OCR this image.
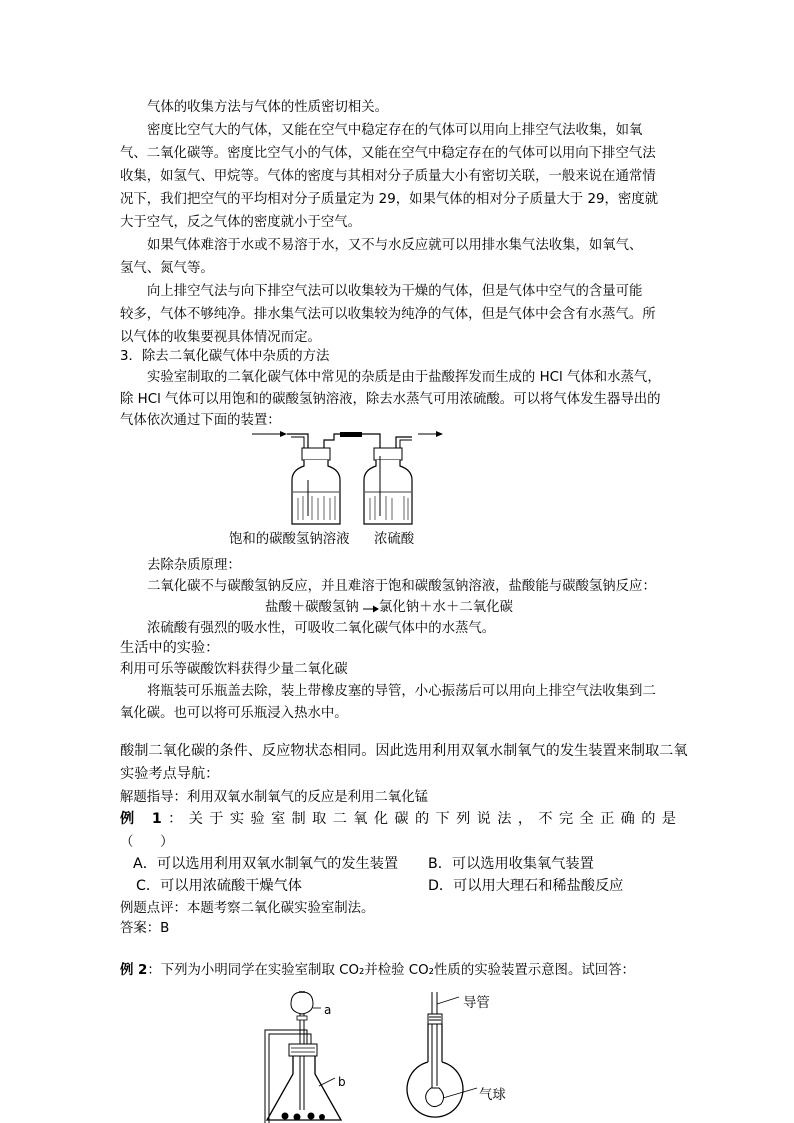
气体的收集方法与气体的性质密切相关。
密度比空气大的气体，又能在空气中稳定存在的气体可以用向上排空气法收集，如氧
气、二氧化碳等。密度比空气小的气体，又能在空气中稳定存在的气体可以用向下排空气法
收集，如氢气、甲烷等。气体的密度与其相对分子质量大小有密切关联，一般来说在通常情
况下，我们把空气的平均相对分子质量定为 29，如果气体的相对分子质量大于 29，密度就
大于空气，反之气体的密度就小于空气。
如果气体难溶于水或不易溶于水，又不与水反应就可以用排水集气法收集，如氧气、
氢气、氮气等。
向上排空气法与向下排空气法可以收集较为干燥的气体，但是气体中空气的含量可能
较多，气体不够纯净。排水集气法可以收集较为纯净的气体，但是气体中会含有水蒸气。所
以气体的收集要视具体情况而定。
3．除去二氧化碳气体中杂质的方法
实验室制取的二氧化碳气体中常见的杂质是由于盐酸挥发而生成的 HCl 气体和水蒸气，
除 HCl 气体可以用饱和的碳酸氢钠溶液，除去水蒸气可用浓硫酸。可以将气体发生器导出的
气体依次通过下面的装置：
饱和的碳酸氢钠溶液 浓硫酸
去除杂质原理：
二氧化碳不与碳酸氢钠反应，并且难溶于饱和碳酸氢钠溶液，盐酸能与碳酸氢钠反应：
盐酸＋碳酸氢钠 → 氯化钠＋水＋二氧化碳
浓硫酸有强烈的吸水性，可吸收二氧化碳气体中的水蒸气。
生活中的实验：
利用可乐等碳酸饮料获得少量二氧化碳
将瓶装可乐瓶盖去除，装上带橡皮塞的导管，小心振荡后可以用向上排空气法收集到二
氧化碳。也可以将可乐瓶浸入热水中。
酸制二氧化碳的条件、反应物状态相同。因此选用利用双氧水制氧气的发生装置来制取二氧
实验考点导航：
解题指导：利用双氧水制氧气的反应是利用二氧化锰
例 1：关于实验室制取二氧化碳的下列说法，不完全正确的是
（　　）
A．可以选用利用双氧水制氧气的发生装置 B．可以选用收集氧气装置
C．可以用浓硫酸干燥气体	D．可以用大理石和稀盐酸反应
例题点评：本题考察二氧化碳实验室制法。
答案：B
例 2：下列为小明同学在实验室制取 CO₂并检验 CO₂性质的实验装置示意图。试回答：
a
b
导管
气球
